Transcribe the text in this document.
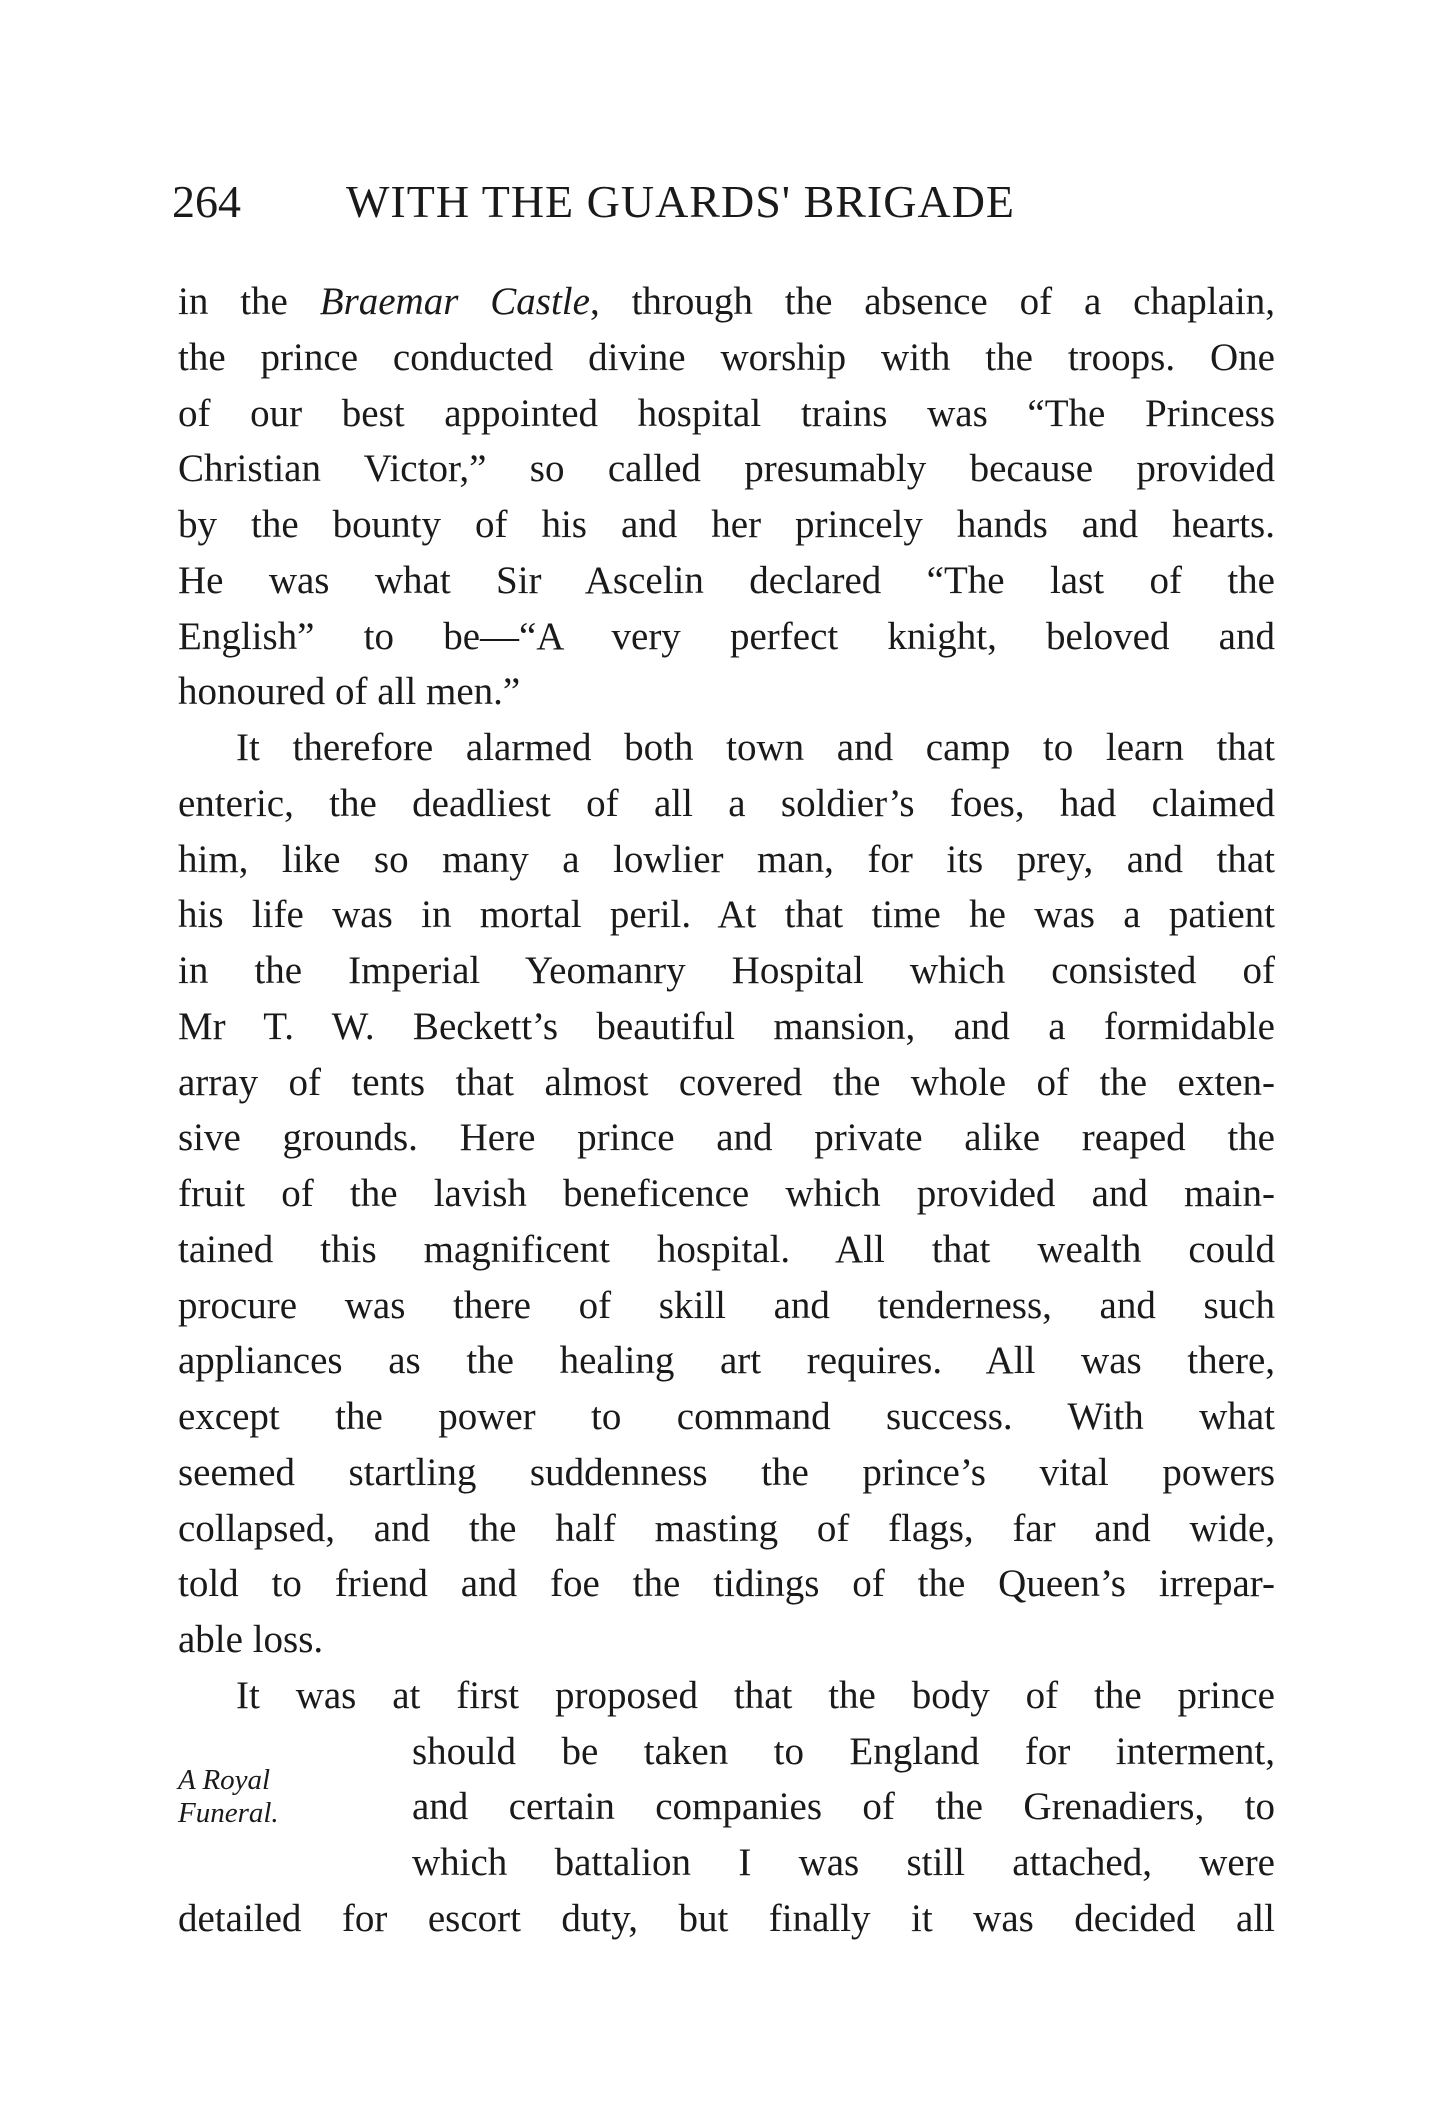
264 WITH THE GUARDS' BRIGADE
in the Braemar Castle, through the absence of a chaplain,
the prince conducted divine worship with the troops. One
of our best appointed hospital trains was “The Princess
Christian Victor,” so called presumably because provided
by the bounty of his and her princely hands and hearts.
He was what Sir Ascelin declared “The last of the
English” to be—“A very perfect knight, beloved and
honoured of all men.”
It therefore alarmed both town and camp to learn that
enteric, the deadliest of all a soldier’s foes, had claimed
him, like so many a lowlier man, for its prey, and that
his life was in mortal peril. At that time he was a patient
in the Imperial Yeomanry Hospital which consisted of
Mr T. W. Beckett’s beautiful mansion, and a formidable
array of tents that almost covered the whole of the exten-
sive grounds. Here prince and private alike reaped the
fruit of the lavish beneficence which provided and main-
tained this magnificent hospital. All that wealth could
procure was there of skill and tenderness, and such
appliances as the healing art requires. All was there,
except the power to command success. With what
seemed startling suddenness the prince’s vital powers
collapsed, and the half masting of flags, far and wide,
told to friend and foe the tidings of the Queen’s irrepar-
able loss.
It was at first proposed that the body of the prince
should be taken to England for interment,
and certain companies of the Grenadiers, to
which battalion I was still attached, were
detailed for escort duty, but finally it was decided all
A Royal
Funeral.
